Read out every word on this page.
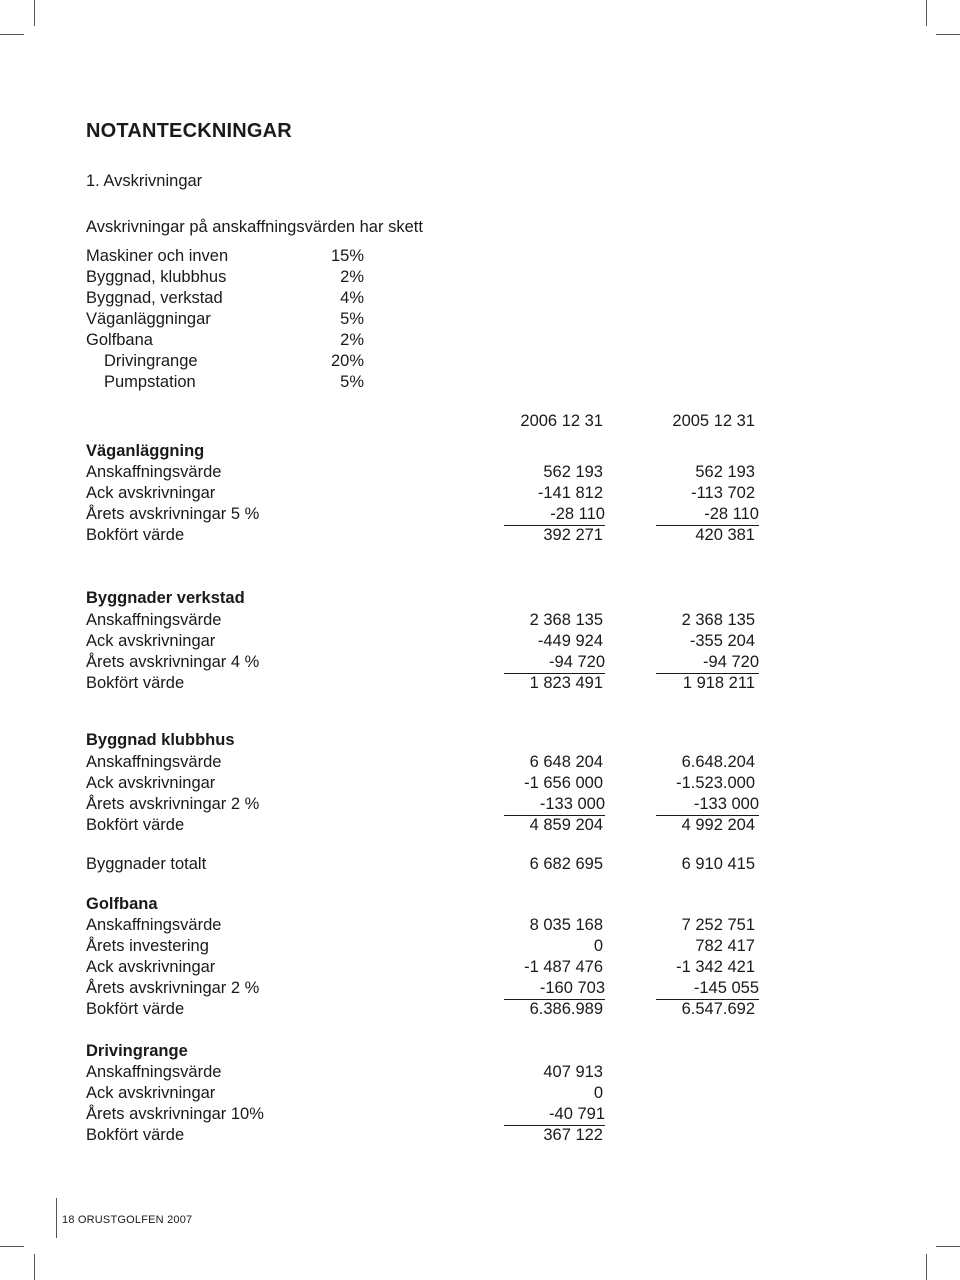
NOTANTECKNINGAR
1. Avskrivningar
Avskrivningar på anskaffningsvärden har skett
Maskiner och inven	15%
Byggnad, klubbhus	2%
Byggnad, verkstad	4%
Väganläggningar	5%
Golfbana	2%
Drivingrange	20%
Pumpstation	5%
2006 12 31	2005 12 31
Väganläggning
Anskaffningsvärde	562 193	562 193
Ack avskrivningar	-141 812	-113 702
Årets avskrivningar 5 %	-28 110	-28 110
Bokfört värde	392 271	420 381
Byggnader verkstad
Anskaffningsvärde	2 368 135	2 368 135
Ack avskrivningar	-449 924	-355 204
Årets avskrivningar 4 %	-94 720	-94 720
Bokfört värde	1 823 491	1 918 211
Byggnad klubbhus
Anskaffningsvärde	6 648 204	6.648.204
Ack avskrivningar	-1 656 000	-1.523.000
Årets avskrivningar 2 %	-133 000	-133 000
Bokfört värde	4 859 204	4 992 204
Byggnader totalt	6 682 695	6 910 415
Golfbana
Anskaffningsvärde	8 035 168	7 252 751
Årets investering	0	782 417
Ack avskrivningar	-1 487 476	-1 342 421
Årets avskrivningar 2 %	-160 703	-145 055
Bokfört värde	6.386.989	6.547.692
Drivingrange
Anskaffningsvärde	407 913
Ack avskrivningar	0
Årets avskrivningar 10%	-40 791
Bokfört värde	367 122
18 ORUSTGOLFEN 2007
